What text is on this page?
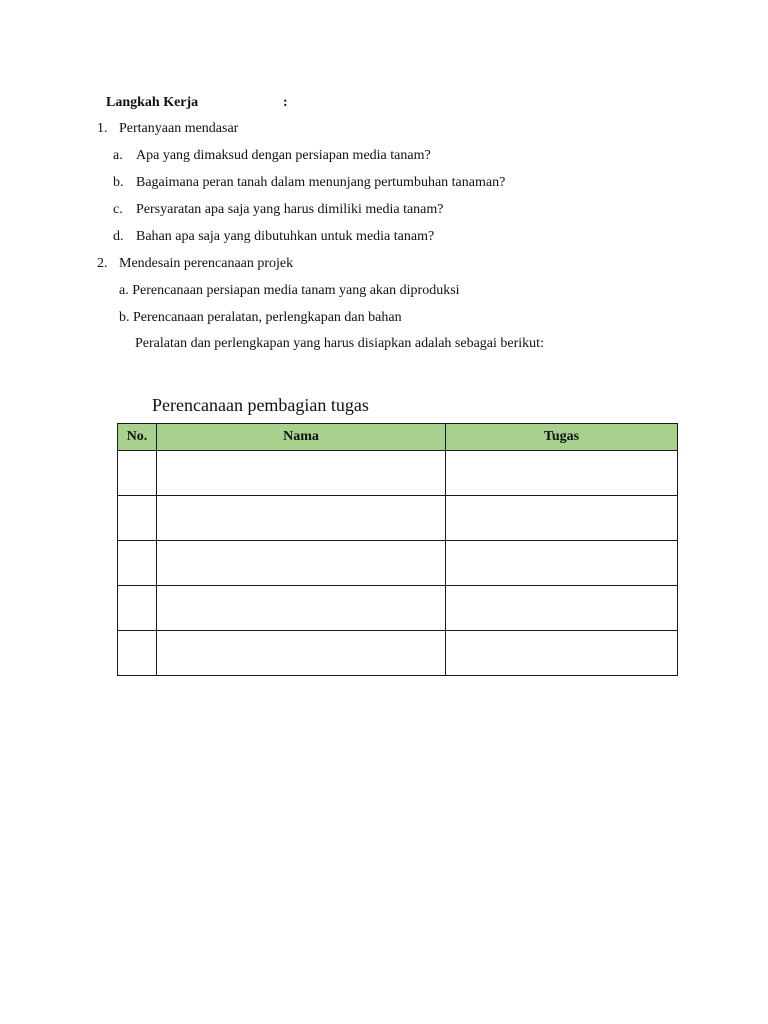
Langkah Kerja	:
1. Pertanyaan mendasar
a. Apa yang dimaksud dengan persiapan media tanam?
b. Bagaimana peran tanah dalam menunjang pertumbuhan tanaman?
c. Persyaratan apa saja yang harus dimiliki media tanam?
d. Bahan apa saja yang dibutuhkan untuk media tanam?
2. Mendesain perencanaan projek
a. Perencanaan persiapan media tanam yang akan diproduksi
b. Perencanaan peralatan, perlengkapan dan bahan
Peralatan dan perlengkapan yang harus disiapkan adalah sebagai berikut:
Perencanaan pembagian tugas
No.	Nama	Tugas
